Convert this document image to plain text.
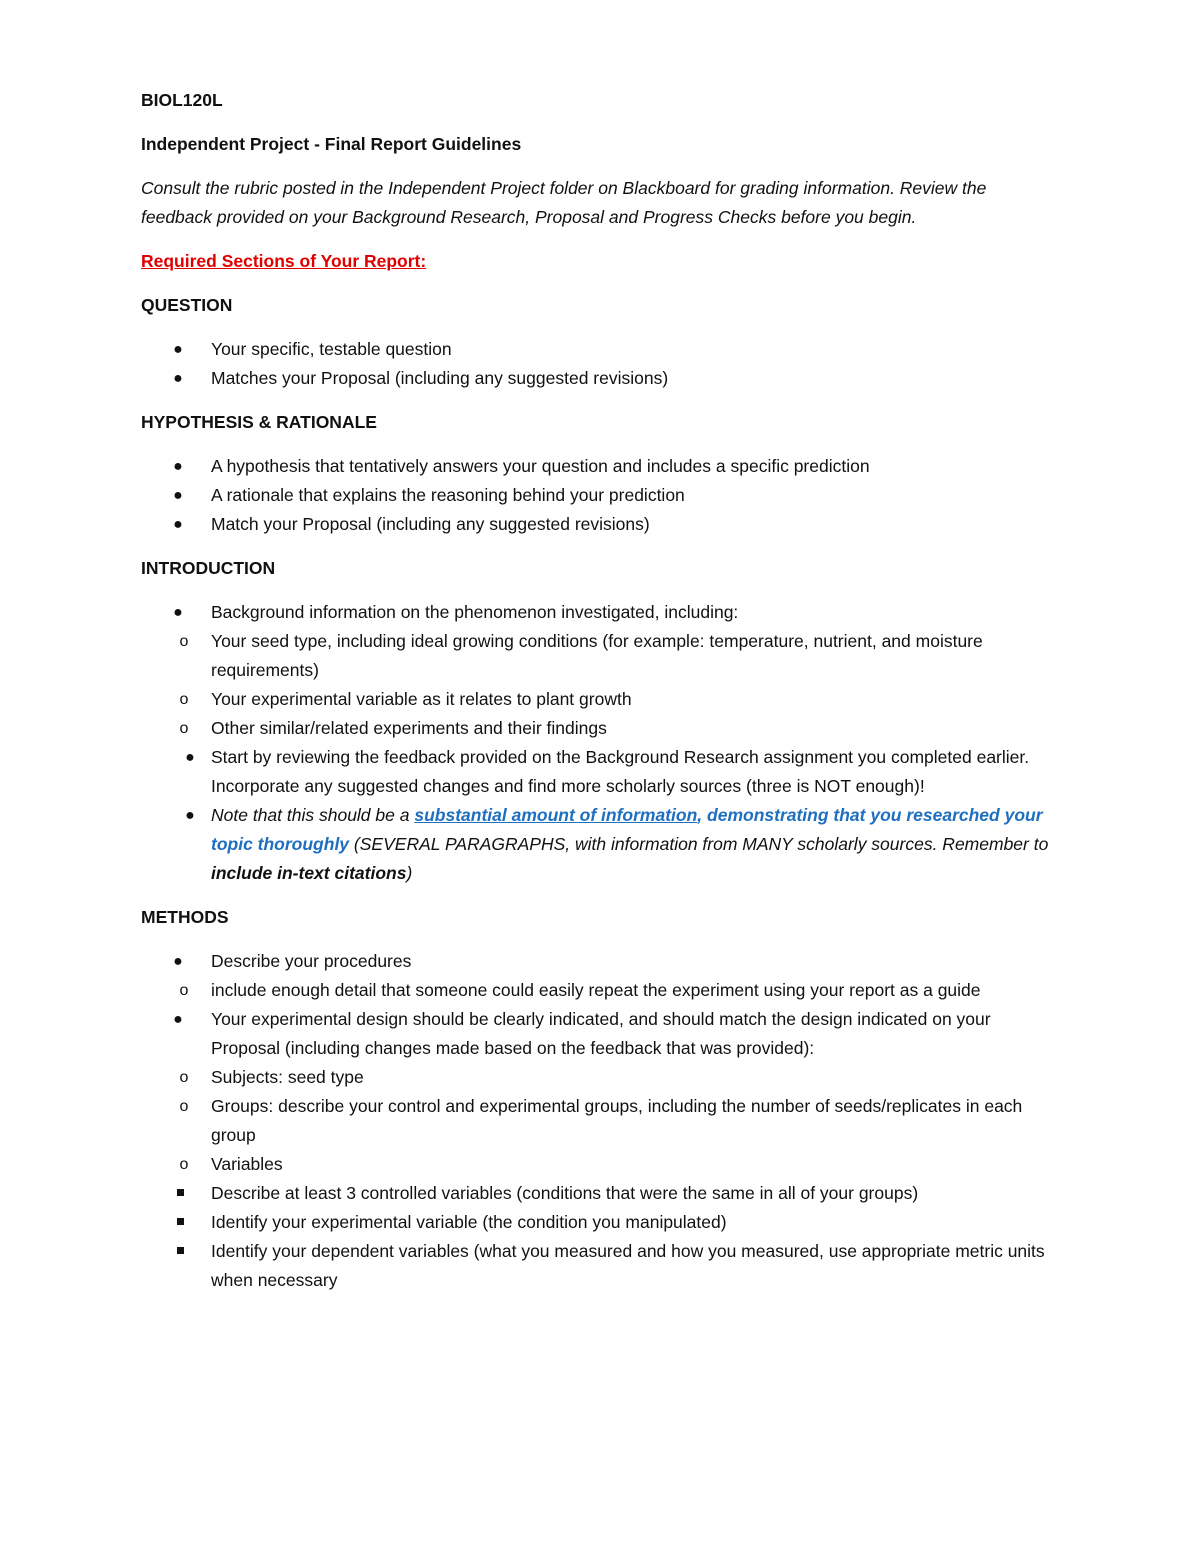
BIOL120L

Independent Project - Final Report Guidelines

Consult the rubric posted in the Independent Project folder on Blackboard for grading information. Review the feedback provided on your Background Research, Proposal and Progress Checks before you begin.

Required Sections of Your Report:

QUESTION

● Your specific, testable question
● Matches your Proposal (including any suggested revisions)

HYPOTHESIS & RATIONALE

● A hypothesis that tentatively answers your question and includes a specific prediction
● A rationale that explains the reasoning behind your prediction
● Match your Proposal (including any suggested revisions)

INTRODUCTION

● Background information on the phenomenon investigated, including:
o Your seed type, including ideal growing conditions (for example: temperature, nutrient, and moisture requirements)
o Your experimental variable as it relates to plant growth
o Other similar/related experiments and their findings
● Start by reviewing the feedback provided on the Background Research assignment you completed earlier. Incorporate any suggested changes and find more scholarly sources (three is NOT enough)!
● Note that this should be a substantial amount of information, demonstrating that you researched your topic thoroughly (SEVERAL PARAGRAPHS, with information from MANY scholarly sources. Remember to include in-text citations)

METHODS

● Describe your procedures
o include enough detail that someone could easily repeat the experiment using your report as a guide
● Your experimental design should be clearly indicated, and should match the design indicated on your Proposal (including changes made based on the feedback that was provided):
o Subjects: seed type
o Groups: describe your control and experimental groups, including the number of seeds/replicates in each group
o Variables
Describe at least 3 controlled variables (conditions that were the same in all of your groups)
Identify your experimental variable (the condition you manipulated)
Identify your dependent variables (what you measured and how you measured, use appropriate metric units when necessary
